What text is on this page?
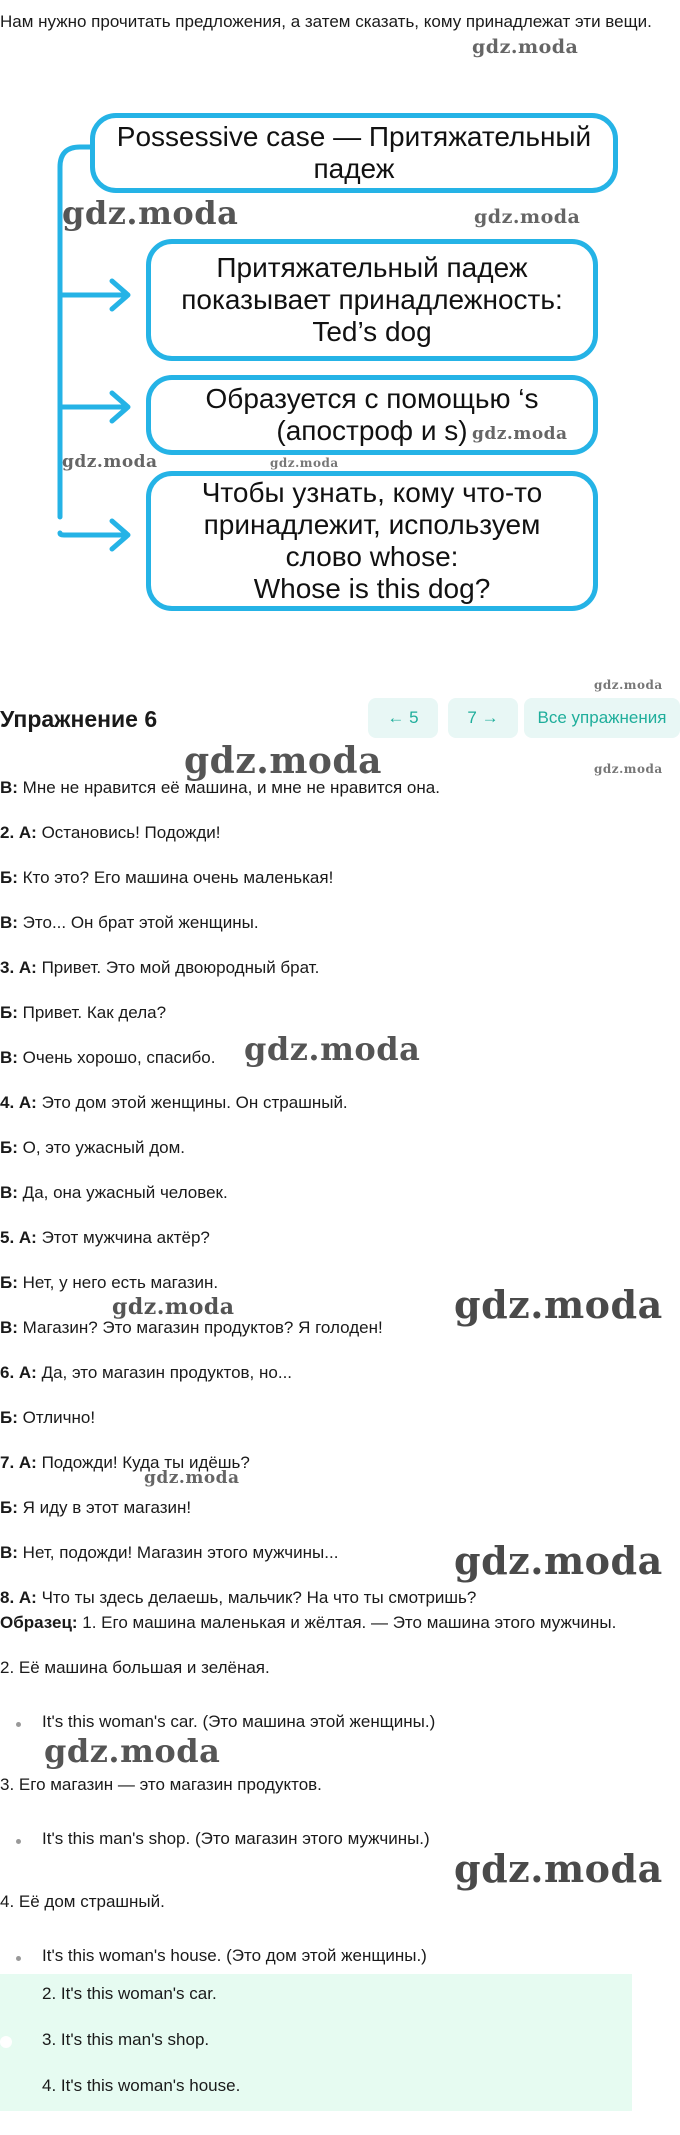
Нам нужно прочитать предложения, а затем сказать, кому принадлежат эти вещи.
Possessive case — Притяжательный
падеж
Притяжательный падеж
показывает принадлежность:
Ted’s dog
Образуется с помощью ‘s
(апостроф и s)
Чтобы узнать, кому что-то
принадлежит, используем
слово whose:
Whose is this dog?
gdz.moda
gdz.moda	gdz.moda
gdz.moda
gdz.moda	gdz.moda
gdz.moda
gdz.moda
gdz.moda
gdz.moda
gdz.moda	gdz.moda
gdz.moda
gdz.moda
gdz.moda
gdz.moda
Упражнение 6	← 5	7 →	Все упражнения
В: Мне не нравится её машина, и мне не нравится она.
2. А: Остановись! Подожди!
Б: Кто это? Его машина очень маленькая!
В: Это... Он брат этой женщины.
3. А: Привет. Это мой двоюродный брат.
Б: Привет. Как дела?
В: Очень хорошо, спасибо.
4. А: Это дом этой женщины. Он страшный.
Б: О, это ужасный дом.
В: Да, она ужасный человек.
5. А: Этот мужчина актёр?
Б: Нет, у него есть магазин.
В: Магазин? Это магазин продуктов? Я голоден!
6. А: Да, это магазин продуктов, но...
Б: Отлично!
7. А: Подожди! Куда ты идёшь?
Б: Я иду в этот магазин!
В: Нет, подожди! Магазин этого мужчины...
8. А: Что ты здесь делаешь, мальчик? На что ты смотришь?
Образец: 1. Его машина маленькая и жёлтая. — Это машина этого мужчины.
2. Её машина большая и зелёная.
It's this woman's car. (Это машина этой женщины.)
3. Его магазин — это магазин продуктов.
It's this man's shop. (Это магазин этого мужчины.)
4. Её дом страшный.
It's this woman's house. (Это дом этой женщины.)
2. It's this woman's car.
3. It's this man's shop.
4. It's this woman's house.
